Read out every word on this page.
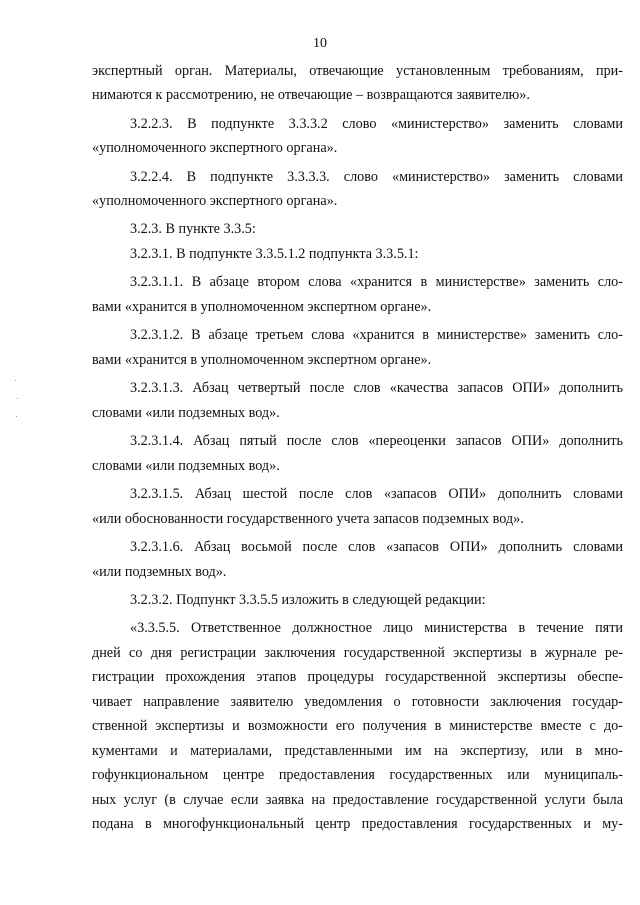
10
экспертный орган. Материалы, отвечающие установленным требованиям, при-
нимаются к рассмотрению, не отвечающие – возвращаются заявителю».
3.2.2.3. В подпункте 3.3.3.2 слово «министерство» заменить словами
«уполномоченного экспертного органа».
3.2.2.4. В подпункте 3.3.3.3. слово «министерство» заменить словами
«уполномоченного экспертного органа».
3.2.3. В пункте 3.3.5:
3.2.3.1. В подпункте 3.3.5.1.2 подпункта 3.3.5.1:
3.2.3.1.1. В абзаце втором слова «хранится в министерстве» заменить сло-
вами «хранится в уполномоченном экспертном органе».
3.2.3.1.2. В абзаце третьем слова «хранится в министерстве» заменить сло-
вами «хранится в уполномоченном экспертном органе».
3.2.3.1.3. Абзац четвертый после слов «качества запасов ОПИ» дополнить
словами «или подземных вод».
3.2.3.1.4. Абзац пятый после слов «переоценки запасов ОПИ» дополнить
словами «или подземных вод».
3.2.3.1.5. Абзац шестой после слов «запасов ОПИ» дополнить словами
«или обоснованности государственного учета запасов подземных вод».
3.2.3.1.6. Абзац восьмой после слов «запасов ОПИ» дополнить словами
«или подземных вод».
3.2.3.2. Подпункт 3.3.5.5 изложить в следующей редакции:
«3.3.5.5. Ответственное должностное лицо министерства в течение пяти
дней со дня регистрации заключения государственной экспертизы в журнале ре-
гистрации прохождения этапов процедуры государственной экспертизы обеспе-
чивает направление заявителю уведомления о готовности заключения государ-
ственной экспертизы и возможности его получения в министерстве вместе с до-
кументами и материалами, представленными им на экспертизу, или в мно-
гофункциональном центре предоставления государственных или муниципаль-
ных услуг (в случае если заявка на предоставление государственной услуги была
подана в многофункциональный центр предоставления государственных и му-
